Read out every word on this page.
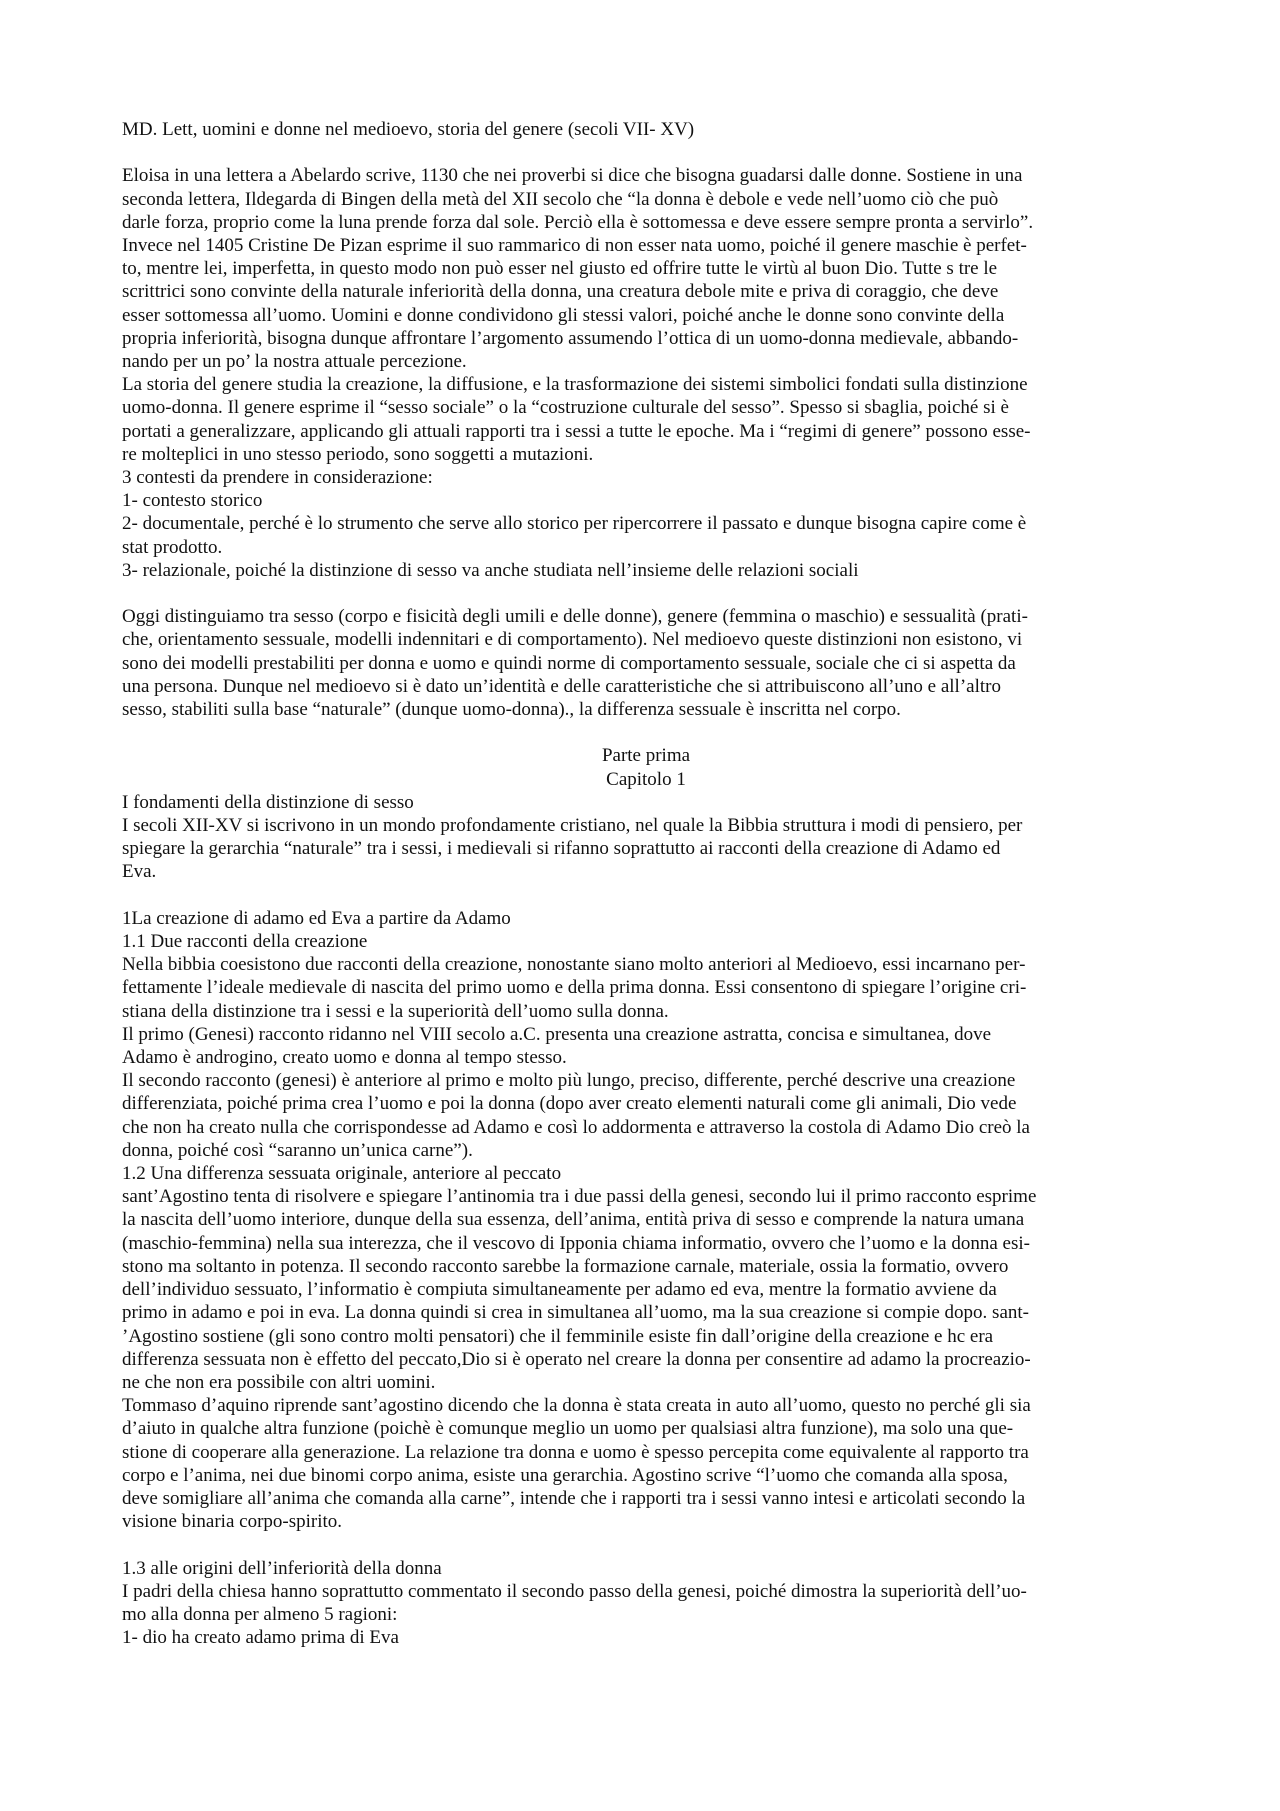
MD. Lett, uomini e donne nel medioevo, storia del genere (secoli VII- XV)

Eloisa in una lettera a Abelardo scrive, 1130 che nei proverbi si dice che bisogna guadarsi dalle donne. Sostiene in una

seconda lettera, Ildegarda di Bingen della metà del XII secolo che “la donna è debole e vede nell’uomo ciò che può

darle forza, proprio come la luna prende forza dal sole. Perciò ella è sottomessa e deve essere sempre pronta a servirlo”.

Invece nel 1405 Cristine De Pizan esprime il suo rammarico di non esser nata uomo, poiché il genere maschie è perfet-

to, mentre lei, imperfetta, in questo modo non può esser nel giusto ed offrire tutte le virtù al buon Dio. Tutte s tre le

scrittrici sono convinte della naturale inferiorità della donna, una creatura debole mite e priva di coraggio, che deve

esser sottomessa all’uomo. Uomini e donne condividono gli stessi valori, poiché anche le donne sono convinte della

propria inferiorità, bisogna dunque affrontare l’argomento assumendo l’ottica di un uomo-donna medievale, abbando-

nando per un po’ la nostra attuale percezione.

La storia del genere studia la creazione, la diffusione, e la trasformazione dei sistemi simbolici fondati sulla distinzione

uomo-donna. Il genere esprime il “sesso sociale” o la “costruzione culturale del sesso”. Spesso si sbaglia, poiché si è

portati a generalizzare, applicando gli attuali rapporti tra i sessi a tutte le epoche. Ma i “regimi di genere” possono esse-

re molteplici in uno stesso periodo, sono soggetti a mutazioni.

3 contesti da prendere in considerazione:

1- contesto storico

2- documentale, perché è lo strumento che serve allo storico per ripercorrere il passato e dunque bisogna capire come è

stat prodotto.

3- relazionale, poiché la distinzione di sesso va anche studiata nell’insieme delle relazioni sociali

Oggi distinguiamo tra sesso (corpo e fisicità degli umili e delle donne), genere (femmina o maschio) e sessualità (prati-

che, orientamento sessuale, modelli indennitari e di comportamento). Nel medioevo queste distinzioni non esistono, vi

sono dei modelli prestabiliti per donna e uomo e quindi norme di comportamento sessuale, sociale che ci si aspetta da

una persona. Dunque nel medioevo si è dato un’identità e delle caratteristiche che si attribuiscono all’uno e all’altro

sesso, stabiliti sulla base “naturale” (dunque uomo-donna)., la differenza sessuale è inscritta nel corpo.

Parte prima

Capitolo 1

I fondamenti della distinzione di sesso

I secoli XII-XV si iscrivono in un mondo profondamente cristiano, nel quale la Bibbia struttura i modi di pensiero, per

spiegare la gerarchia “naturale” tra i sessi, i medievali si rifanno soprattutto ai racconti della creazione di Adamo ed

Eva.

1La creazione di adamo ed Eva a partire da Adamo

1.1 Due racconti della creazione

Nella bibbia coesistono due racconti della creazione, nonostante siano molto anteriori al Medioevo, essi incarnano per-

fettamente l’ideale medievale di nascita del primo uomo e della prima donna. Essi consentono di spiegare l’origine cri-

stiana della distinzione tra i sessi e la superiorità dell’uomo sulla donna.

Il primo (Genesi) racconto ridanno nel VIII secolo a.C. presenta una creazione astratta, concisa e simultanea, dove

Adamo è androgino, creato uomo e donna al tempo stesso.

Il secondo racconto (genesi) è anteriore al primo e molto più lungo, preciso, differente, perché descrive una creazione

differenziata, poiché prima crea l’uomo e poi la donna (dopo aver creato elementi naturali come gli animali, Dio vede

che non ha creato nulla che corrispondesse ad Adamo e così lo addormenta e attraverso la costola di Adamo Dio creò la

donna, poiché così “saranno un’unica carne”).

1.2 Una differenza sessuata originale, anteriore al peccato

sant’Agostino tenta di risolvere e spiegare l’antinomia tra i due passi della genesi, secondo lui il primo racconto esprime

la nascita dell’uomo interiore, dunque della sua essenza, dell’anima, entità priva di sesso e comprende la natura umana

(maschio-femmina) nella sua interezza, che il vescovo di Ipponia chiama informatio, ovvero che l’uomo e la donna esi-

stono ma soltanto in potenza. Il secondo racconto sarebbe la formazione carnale, materiale, ossia la formatio, ovvero

dell’individuo sessuato, l’informatio è compiuta simultaneamente per adamo ed eva, mentre la formatio avviene da

primo in adamo e poi in eva. La donna quindi si crea in simultanea all’uomo, ma la sua creazione si compie dopo. sant-

’Agostino sostiene (gli sono contro molti pensatori) che il femminile esiste fin dall’origine della creazione e hc era

differenza sessuata non è effetto del peccato,Dio si è operato nel creare la donna per consentire ad adamo la procreazio-

ne che non era possibile con altri uomini.

Tommaso d’aquino riprende sant’agostino dicendo che la donna è stata creata in auto all’uomo, questo no perché gli sia

d’aiuto in qualche altra funzione (poichè è comunque meglio un uomo per qualsiasi altra funzione), ma solo una que-

stione di cooperare alla generazione. La relazione tra donna e uomo è spesso percepita come equivalente al rapporto tra

corpo e l’anima, nei due binomi corpo anima, esiste una gerarchia. Agostino scrive “l’uomo che comanda alla sposa,

deve somigliare all’anima che comanda alla carne”, intende che i rapporti tra i sessi vanno intesi e articolati secondo la

visione binaria corpo-spirito.

1.3 alle origini dell’inferiorità della donna

I padri della chiesa hanno soprattutto commentato il secondo passo della genesi, poiché dimostra la superiorità dell’uo-

mo alla donna per almeno 5 ragioni:

1- dio ha creato adamo prima di Eva
